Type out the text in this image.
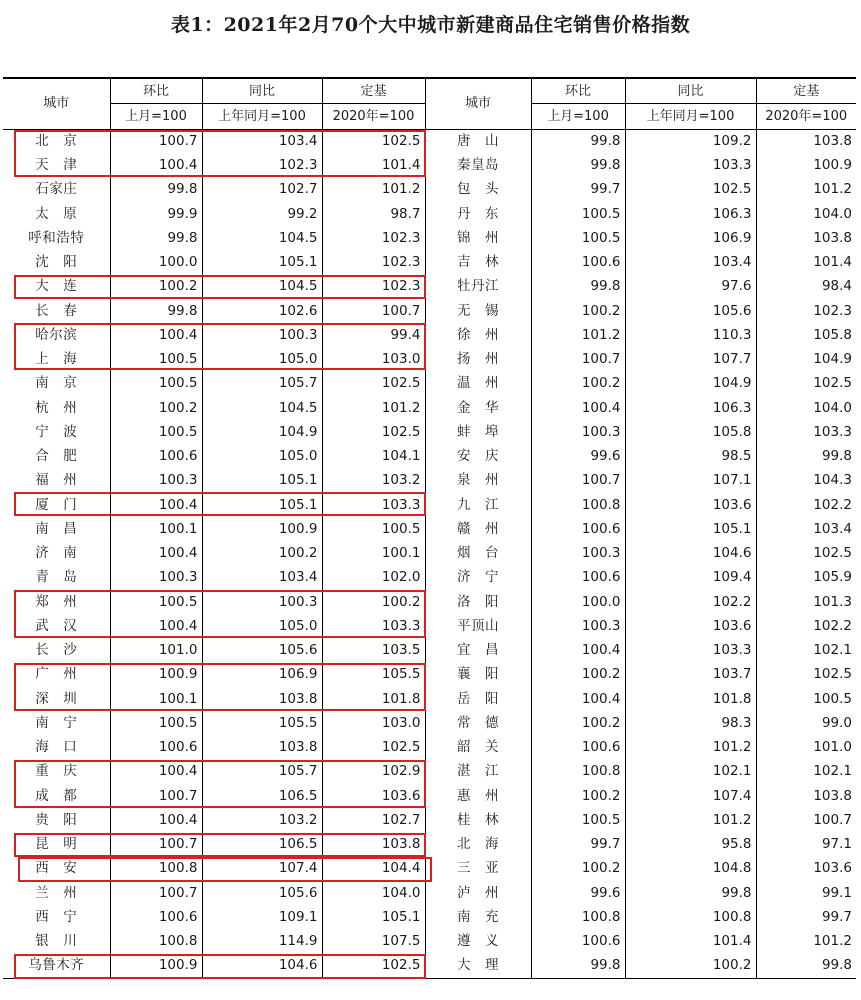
表1：2021年2月70个大中城市新建商品住宅销售价格指数
城市	环比	同比	定基	城市	环比	同比	定基
	上月=100	上年同月=100	2020年=100		上月=100	上年同月=100	2020年=100
北　京	100.7	103.4	102.5	唐　山	99.8	109.2	103.8
天　津	100.4	102.3	101.4	秦皇岛	99.8	103.3	100.9
石家庄	99.8	102.7	101.2	包　头	99.7	102.5	101.2
太　原	99.9	99.2	98.7	丹　东	100.5	106.3	104.0
呼和浩特	99.8	104.5	102.3	锦　州	100.5	106.9	103.8
沈　阳	100.0	105.1	102.3	吉　林	100.6	103.4	101.4
大　连	100.2	104.5	102.3	牡丹江	99.8	97.6	98.4
长　春	99.8	102.6	100.7	无　锡	100.2	105.6	102.3
哈尔滨	100.4	100.3	99.4	徐　州	101.2	110.3	105.8
上　海	100.5	105.0	103.0	扬　州	100.7	107.7	104.9
南　京	100.5	105.7	102.5	温　州	100.2	104.9	102.5
杭　州	100.2	104.5	101.2	金　华	100.4	106.3	104.0
宁　波	100.5	104.9	102.5	蚌　埠	100.3	105.8	103.3
合　肥	100.6	105.0	104.1	安　庆	99.6	98.5	99.8
福　州	100.3	105.1	103.2	泉　州	100.7	107.1	104.3
厦　门	100.4	105.1	103.3	九　江	100.8	103.6	102.2
南　昌	100.1	100.9	100.5	赣　州	100.6	105.1	103.4
济　南	100.4	100.2	100.1	烟　台	100.3	104.6	102.5
青　岛	100.3	103.4	102.0	济　宁	100.6	109.4	105.9
郑　州	100.5	100.3	100.2	洛　阳	100.0	102.2	101.3
武　汉	100.4	105.0	103.3	平顶山	100.3	103.6	102.2
长　沙	101.0	105.6	103.5	宜　昌	100.4	103.3	102.1
广　州	100.9	106.9	105.5	襄　阳	100.2	103.7	102.5
深　圳	100.1	103.8	101.8	岳　阳	100.4	101.8	100.5
南　宁	100.5	105.5	103.0	常　德	100.2	98.3	99.0
海　口	100.6	103.8	102.5	韶　关	100.6	101.2	101.0
重　庆	100.4	105.7	102.9	湛　江	100.8	102.1	102.1
成　都	100.7	106.5	103.6	惠　州	100.2	107.4	103.8
贵　阳	100.4	103.2	102.7	桂　林	100.5	101.2	100.7
昆　明	100.7	106.5	103.8	北　海	99.7	95.8	97.1
西　安	100.8	107.4	104.4	三　亚	100.2	104.8	103.6
兰　州	100.7	105.6	104.0	泸　州	99.6	99.8	99.1
西　宁	100.6	109.1	105.1	南　充	100.8	100.8	99.7
银　川	100.8	114.9	107.5	遵　义	100.6	101.4	101.2
乌鲁木齐	100.9	104.6	102.5	大　理	99.8	100.2	99.8
